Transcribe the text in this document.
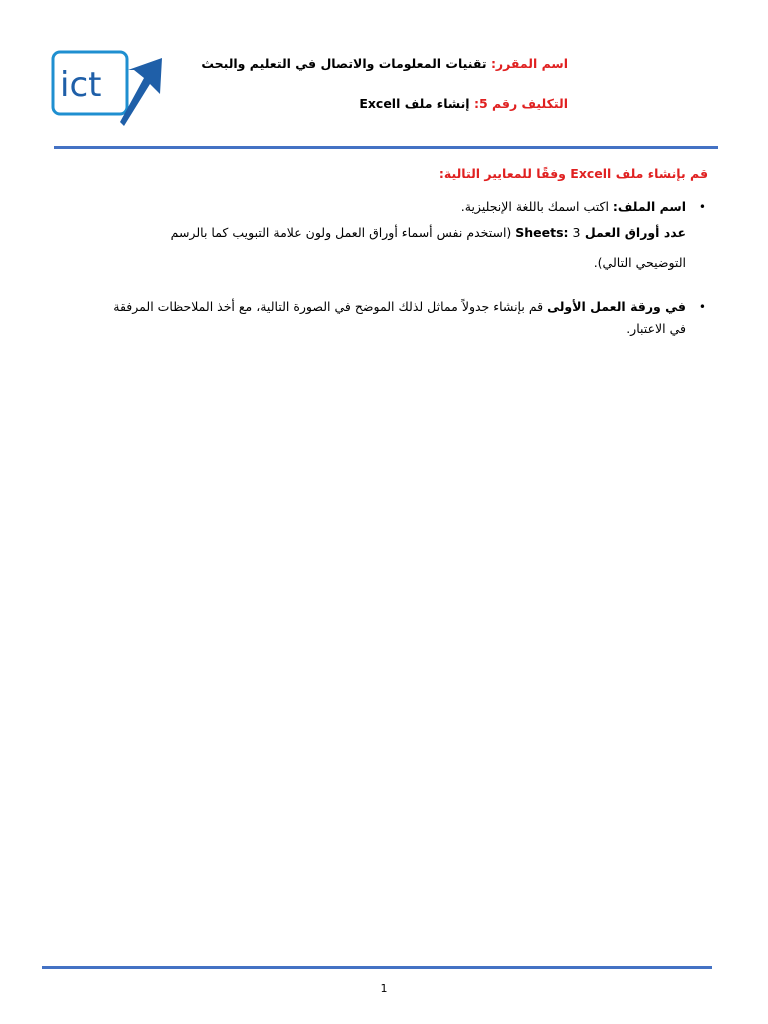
ict
اسم المقرر: تقنيات المعلومات والاتصال في التعليم والبحث
التكليف رقم 5: إنشاء ملف Excell
قم بإنشاء ملف Excell وفقًا للمعايير التالية:
•
اسم الملف: اكتب اسمك باللغة الإنجليزية.
عدد أوراق العمل Sheets: 3 (استخدم نفس أسماء أوراق العمل ولون علامة التبويب كما بالرسم
التوضيحي التالي).
•
في ورقة العمل الأولى قم بإنشاء جدولاً مماثل لذلك الموضح في الصورة التالية، مع أخذ الملاحظات المرفقة
في الاعتبار.
1
